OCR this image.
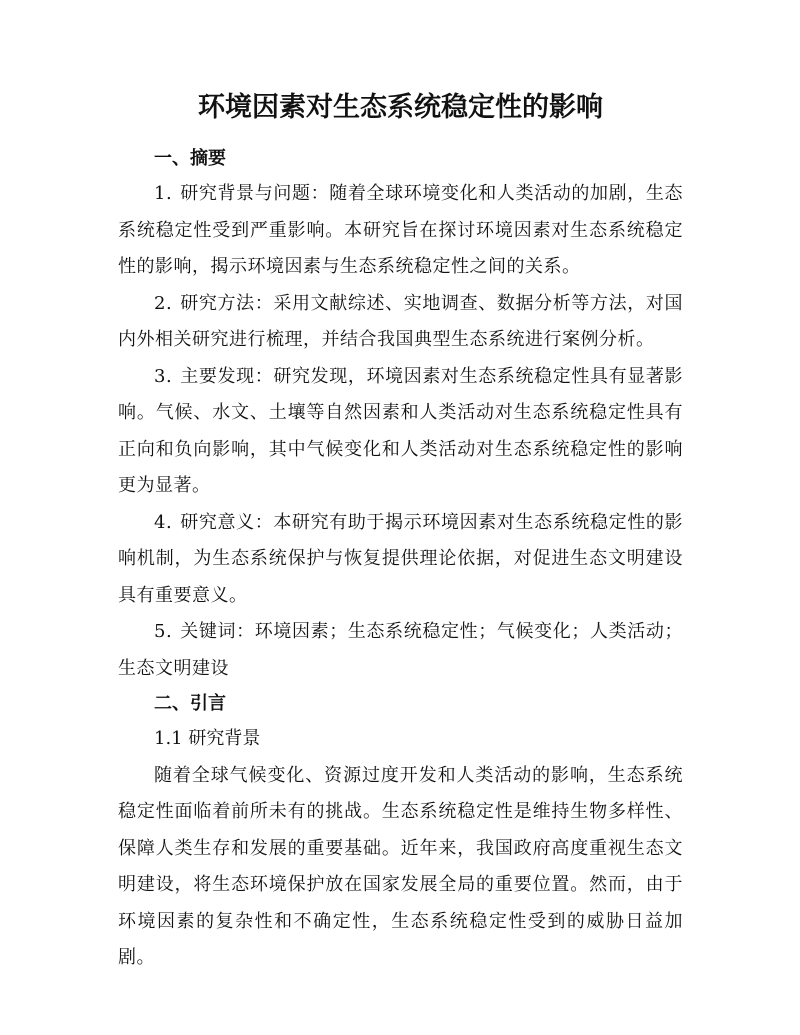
环境因素对生态系统稳定性的影响
一、摘要

1. 研究背景与问题：随着全球环境变化和人类活动的加剧，生态系统稳定性受到严重影响。本研究旨在探讨环境因素对生态系统稳定性的影响，揭示环境因素与生态系统稳定性之间的关系。

2. 研究方法：采用文献综述、实地调查、数据分析等方法，对国内外相关研究进行梳理，并结合我国典型生态系统进行案例分析。

3. 主要发现：研究发现，环境因素对生态系统稳定性具有显著影响。气候、水文、土壤等自然因素和人类活动对生态系统稳定性具有正向和负向影响，其中气候变化和人类活动对生态系统稳定性的影响更为显著。

4. 研究意义：本研究有助于揭示环境因素对生态系统稳定性的影响机制，为生态系统保护与恢复提供理论依据，对促进生态文明建设具有重要意义。

5. 关键词：环境因素；生态系统稳定性；气候变化；人类活动；生态文明建设

二、引言

1.1 研究背景

随着全球气候变化、资源过度开发和人类活动的影响，生态系统稳定性面临着前所未有的挑战。生态系统稳定性是维持生物多样性、保障人类生存和发展的重要基础。近年来，我国政府高度重视生态文明建设，将生态环境保护放在国家发展全局的重要位置。然而，由于环境因素的复杂性和不确定性，生态系统稳定性受到的威胁日益加剧。
